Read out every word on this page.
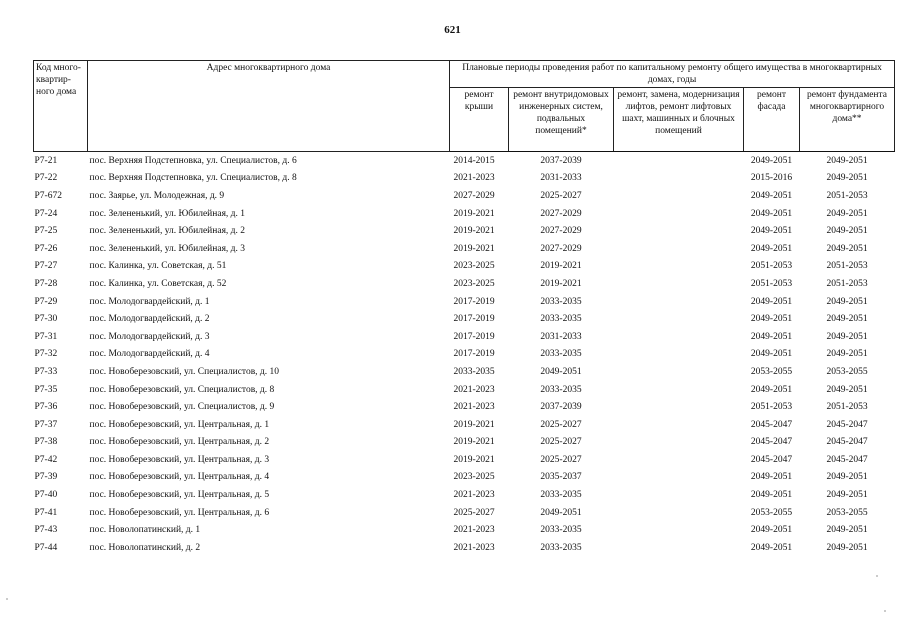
621
Код много-квартир-ного дома	Адрес многоквартирного дома	Плановые периоды проведения работ по капитальному ремонту общего имущества в многоквартирных домах, годы				
		ремонт крыши	ремонт внутридомовых инженерных систем, подвальных помещений*	ремонт, замена, модернизация лифтов, ремонт лифтовых шахт, машинных и блочных помещений	ремонт фасада	ремонт фундамента многоквартирного дома**
Р7-21	пос. Верхняя Подстепновка, ул. Специалистов, д. 6	2014-2015	2037-2039		2049-2051	2049-2051
Р7-22	пос. Верхняя Подстепновка, ул. Специалистов, д. 8	2021-2023	2031-2033		2015-2016	2049-2051
Р7-672	пос. Заярье, ул. Молодежная, д. 9	2027-2029	2025-2027		2049-2051	2051-2053
Р7-24	пос. Зелененький, ул. Юбилейная, д. 1	2019-2021	2027-2029		2049-2051	2049-2051
Р7-25	пос. Зелененький, ул. Юбилейная, д. 2	2019-2021	2027-2029		2049-2051	2049-2051
Р7-26	пос. Зелененький, ул. Юбилейная, д. 3	2019-2021	2027-2029		2049-2051	2049-2051
Р7-27	пос. Калинка, ул. Советская, д. 51	2023-2025	2019-2021		2051-2053	2051-2053
Р7-28	пос. Калинка, ул. Советская, д. 52	2023-2025	2019-2021		2051-2053	2051-2053
Р7-29	пос. Молодогвардейский, д. 1	2017-2019	2033-2035		2049-2051	2049-2051
Р7-30	пос. Молодогвардейский, д. 2	2017-2019	2033-2035		2049-2051	2049-2051
Р7-31	пос. Молодогвардейский, д. 3	2017-2019	2031-2033		2049-2051	2049-2051
Р7-32	пос. Молодогвардейский, д. 4	2017-2019	2033-2035		2049-2051	2049-2051
Р7-33	пос. Новоберезовский, ул. Специалистов, д. 10	2033-2035	2049-2051		2053-2055	2053-2055
Р7-35	пос. Новоберезовский, ул. Специалистов, д. 8	2021-2023	2033-2035		2049-2051	2049-2051
Р7-36	пос. Новоберезовский, ул. Специалистов, д. 9	2021-2023	2037-2039		2051-2053	2051-2053
Р7-37	пос. Новоберезовский, ул. Центральная, д. 1	2019-2021	2025-2027		2045-2047	2045-2047
Р7-38	пос. Новоберезовский, ул. Центральная, д. 2	2019-2021	2025-2027		2045-2047	2045-2047
Р7-42	пос. Новоберезовский, ул. Центральная, д. 3	2019-2021	2025-2027		2045-2047	2045-2047
Р7-39	пос. Новоберезовский, ул. Центральная, д. 4	2023-2025	2035-2037		2049-2051	2049-2051
Р7-40	пос. Новоберезовский, ул. Центральная, д. 5	2021-2023	2033-2035		2049-2051	2049-2051
Р7-41	пос. Новоберезовский, ул. Центральная, д. 6	2025-2027	2049-2051		2053-2055	2053-2055
Р7-43	пос. Новолопатинский, д. 1	2021-2023	2033-2035		2049-2051	2049-2051
Р7-44	пос. Новолопатинский, д. 2	2021-2023	2033-2035		2049-2051	2049-2051
